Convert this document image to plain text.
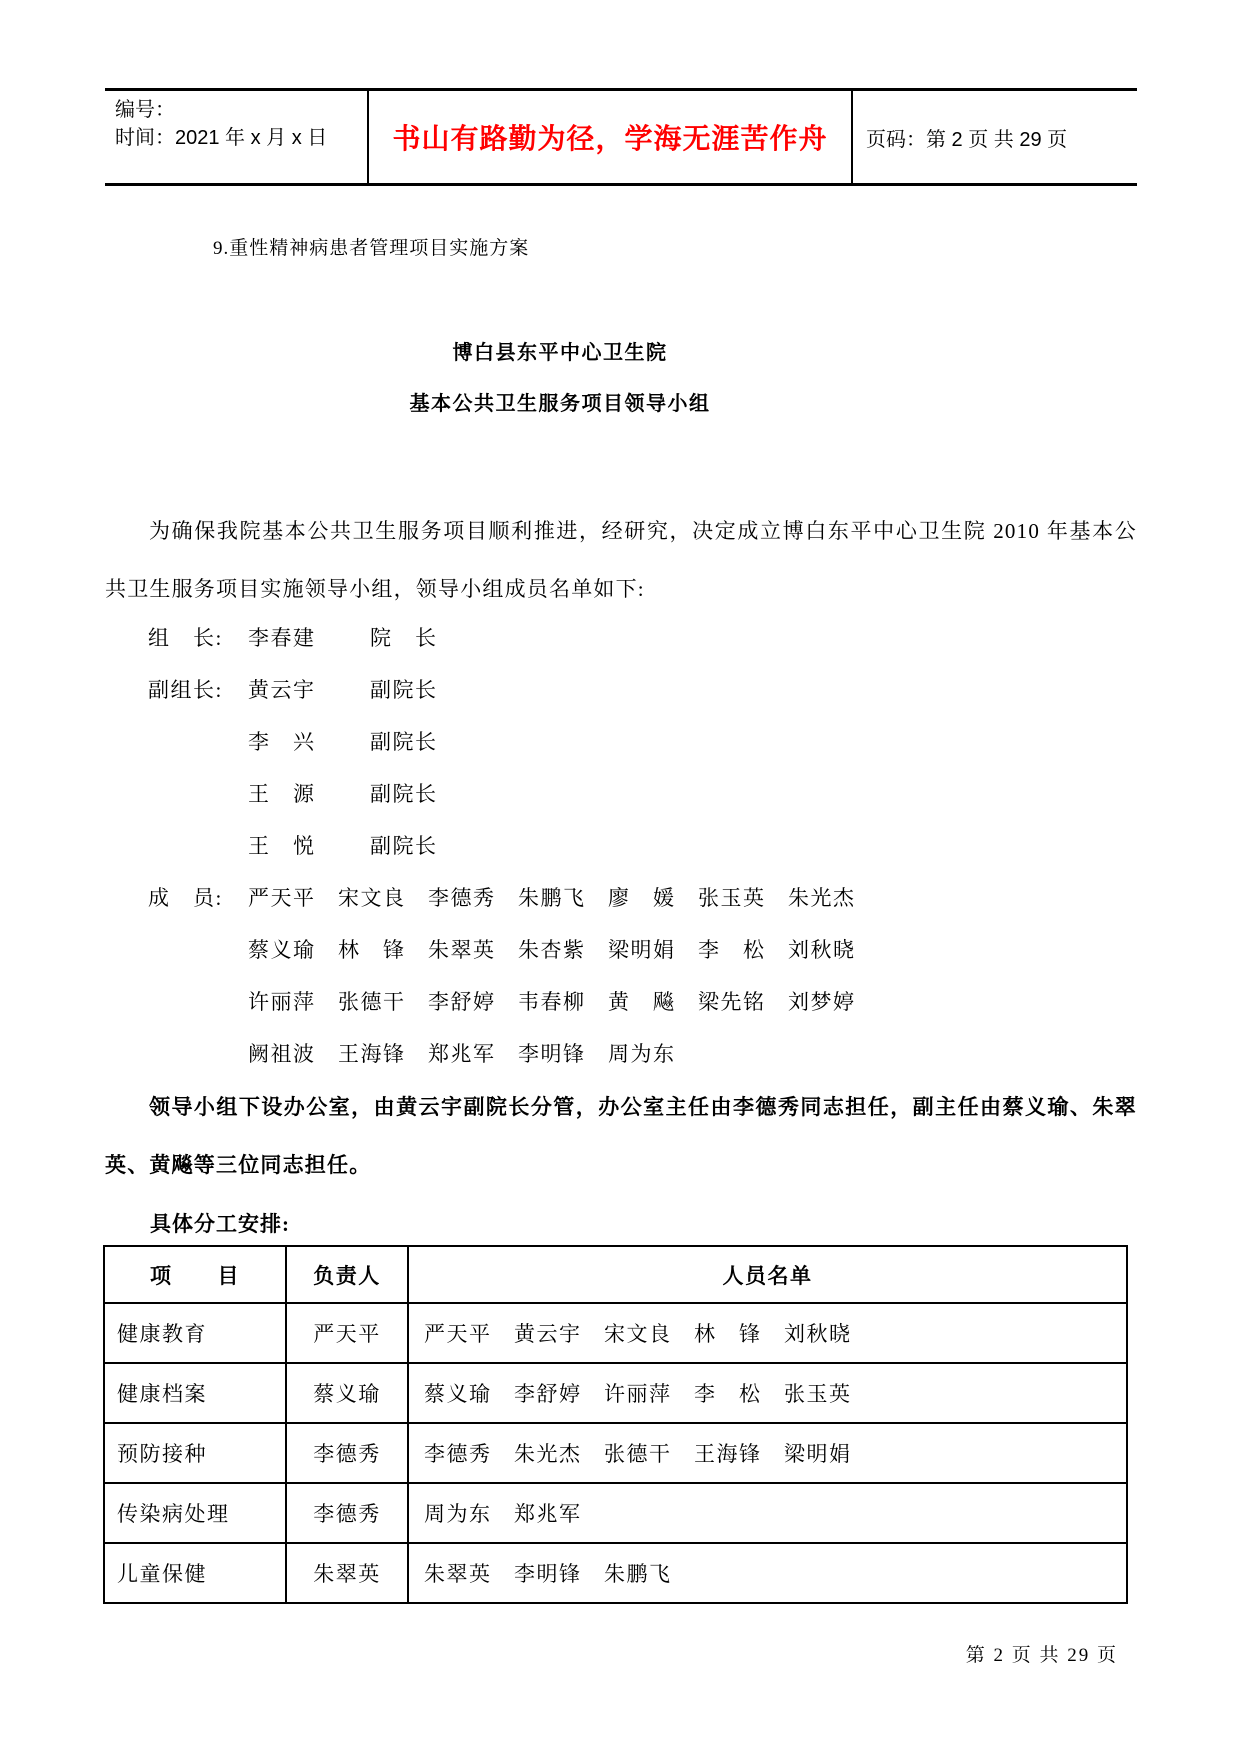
编号：
时间：2021 年 x 月 x 日	书山有路勤为径，学海无涯苦作舟 页码：第 2 页 共 29 页
9.重性精神病患者管理项目实施方案
博白县东平中心卫生院
基本公共卫生服务项目领导小组
为确保我院基本公共卫生服务项目顺利推进，经研究，决定成立博白东平中心卫生院 2010 年基本公共卫生服务项目实施领导小组，领导小组成员名单如下:
组　长:	李春建	院　长
副组长:	黄云宇	副院长
李　兴	副院长
王　源	副院长
王　悦	副院长
成　员:	严天平　宋文良　李德秀　朱鹏飞　廖　媛　张玉英　朱光杰
蔡义瑜　林　锋　朱翠英　朱杏紫　梁明娟　李　松　刘秋晓
许丽萍　张德干　李舒婷　韦春柳　黄　飚　梁先铭　刘梦婷
阙祖波　王海锋　郑兆军　李明锋　周为东
领导小组下设办公室，由黄云宇副院长分管，办公室主任由李德秀同志担任，副主任由蔡义瑜、朱翠英、黄飚等三位同志担任。
具体分工安排:
项　　目	负责人	人员名单
健康教育	严天平	严天平　黄云宇　宋文良　林　锋　刘秋晓
健康档案	蔡义瑜	蔡义瑜　李舒婷　许丽萍　李　松　张玉英
预防接种	李德秀	李德秀　朱光杰　张德干　王海锋　梁明娟
传染病处理	李德秀	周为东　郑兆军
儿童保健	朱翠英	朱翠英　李明锋　朱鹏飞
第 2 页 共 29 页
